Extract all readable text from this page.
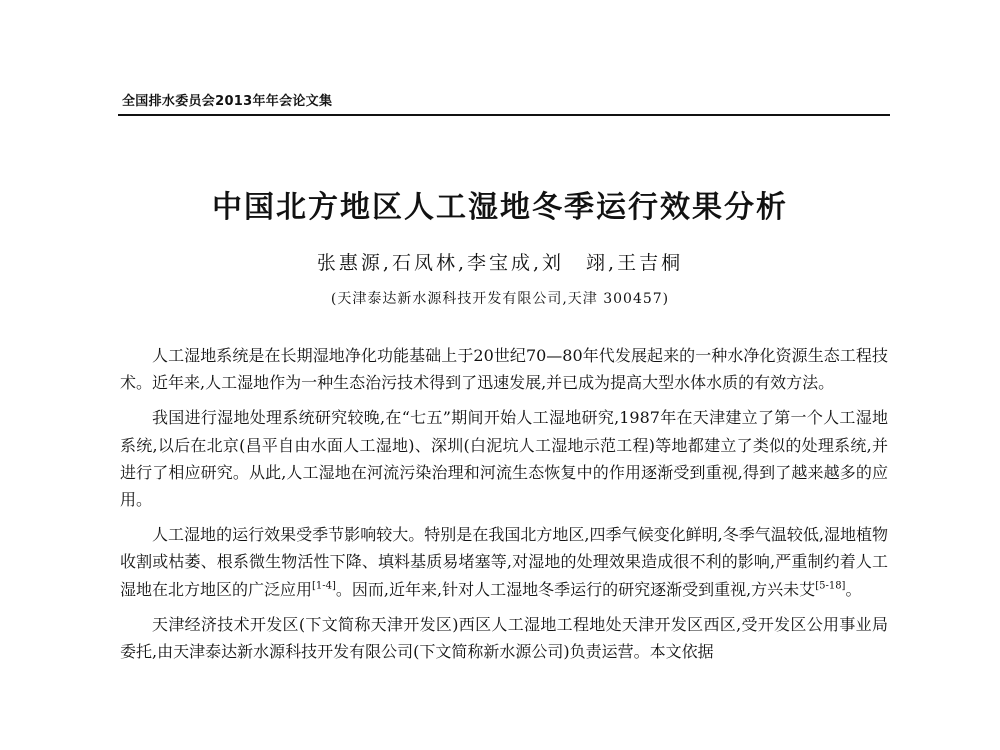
全国排水委员会2013年年会论文集
中国北方地区人工湿地冬季运行效果分析
张惠源,石凤林,李宝成,刘　翊,王吉桐
(天津泰达新水源科技开发有限公司,天津 300457)

人工湿地系统是在长期湿地净化功能基础上于20世纪70—80年代发展起来的一种水净化资源生态工程技术。近年来,人工湿地作为一种生态治污技术得到了迅速发展,并已成为提高大型水体水质的有效方法。

我国进行湿地处理系统研究较晚,在“七五”期间开始人工湿地研究,1987年在天津建立了第一个人工湿地系统,以后在北京(昌平自由水面人工湿地)、深圳(白泥坑人工湿地示范工程)等地都建立了类似的处理系统,并进行了相应研究。从此,人工湿地在河流污染治理和河流生态恢复中的作用逐渐受到重视,得到了越来越多的应用。

人工湿地的运行效果受季节影响较大。特别是在我国北方地区,四季气候变化鲜明,冬季气温较低,湿地植物收割或枯萎、根系微生物活性下降、填料基质易堵塞等,对湿地的处理效果造成很不利的影响,严重制约着人工湿地在北方地区的广泛应用[1-4]。因而,近年来,针对人工湿地冬季运行的研究逐渐受到重视,方兴未艾[5-18]。

天津经济技术开发区(下文简称天津开发区)西区人工湿地工程地处天津开发区西区,受开发区公用事业局委托,由天津泰达新水源科技开发有限公司(下文简称新水源公司)负责运营。本文依据
